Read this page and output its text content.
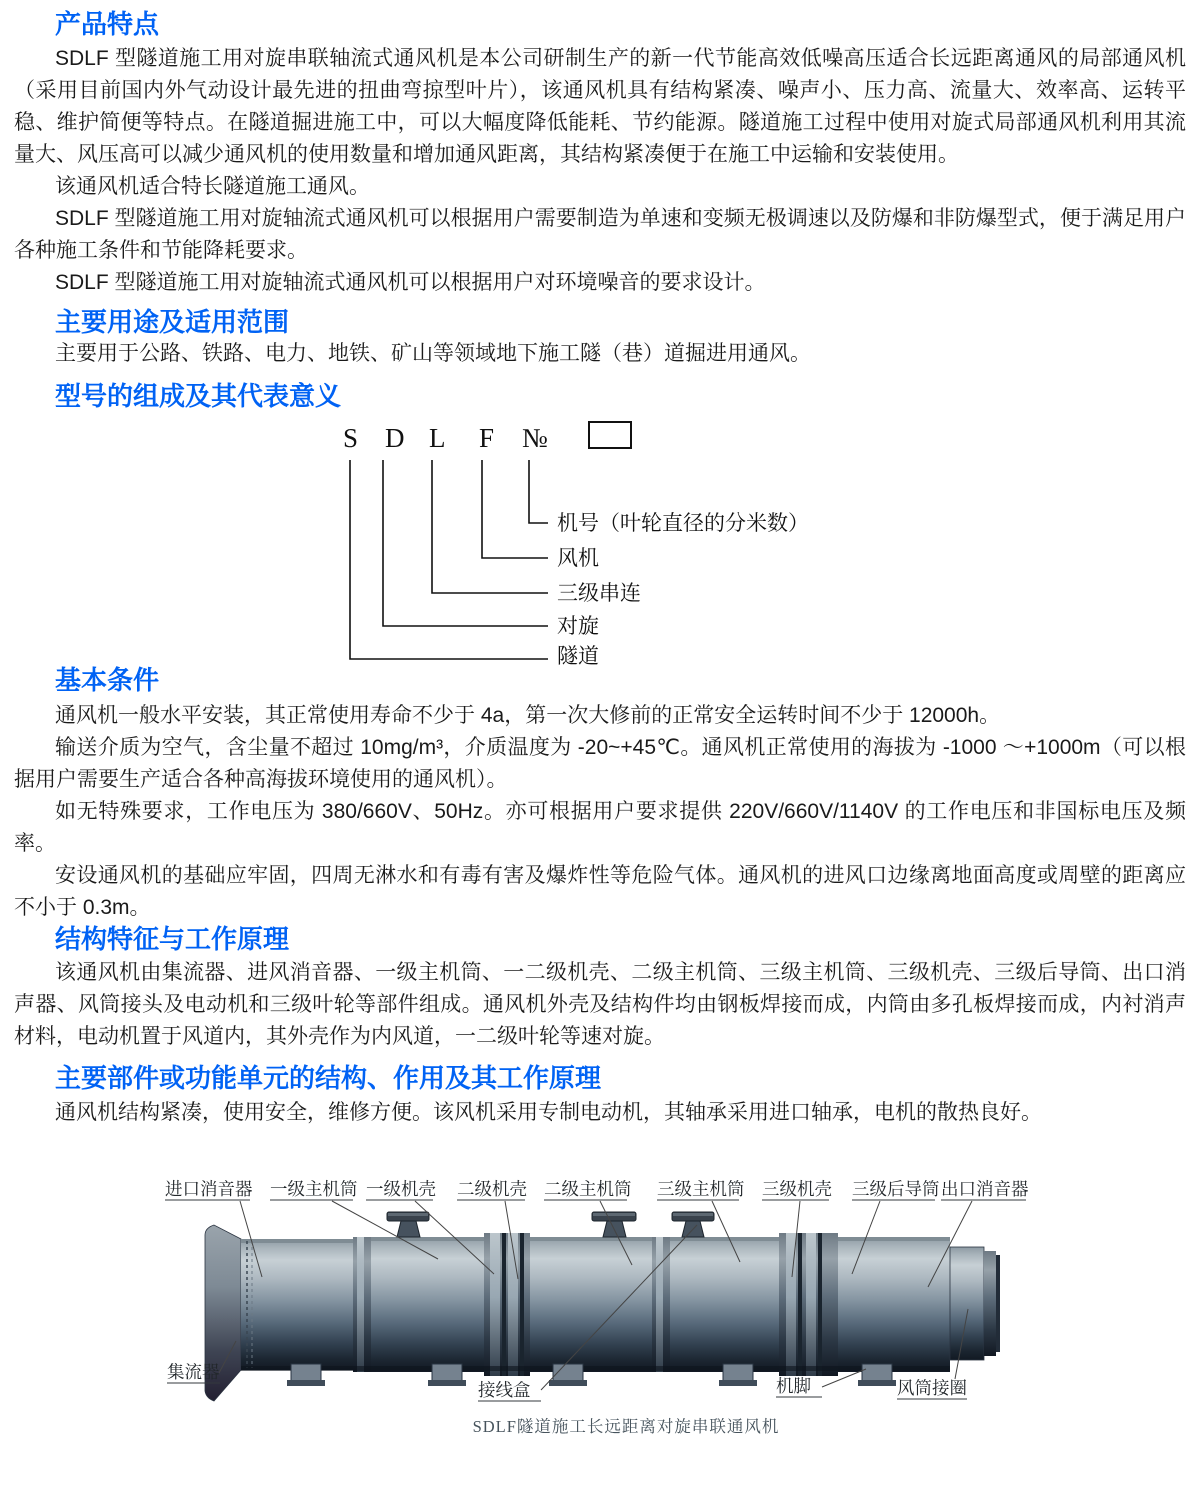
产品特点

SDLF 型隧道施工用对旋串联轴流式通风机是本公司研制生产的新一代节能高效低噪高压适合长远距离通风的局部通风机（采用目前国内外气动设计最先进的扭曲弯掠型叶片），该通风机具有结构紧凑、噪声小、压力高、流量大、效率高、运转平稳、维护简便等特点。在隧道掘进施工中，可以大幅度降低能耗、节约能源。隧道施工过程中使用对旋式局部通风机利用其流量大、风压高可以减少通风机的使用数量和增加通风距离，其结构紧凑便于在施工中运输和安装使用。

该通风机适合特长隧道施工通风。

SDLF 型隧道施工用对旋轴流式通风机可以根据用户需要制造为单速和变频无极调速以及防爆和非防爆型式，便于满足用户各种施工条件和节能降耗要求。

SDLF 型隧道施工用对旋轴流式通风机可以根据用户对环境噪音的要求设计。

主要用途及适用范围

主要用于公路、铁路、电力、地铁、矿山等领域地下施工隧（巷）道掘进用通风。

型号的组成及其代表意义
S D L F №
机号（叶轮直径的分米数）
风机
三级串连
对旋
隧道
基本条件

通风机一般水平安装，其正常使用寿命不少于 4a，第一次大修前的正常安全运转时间不少于 12000h。

输送介质为空气，含尘量不超过 10mg/m³，介质温度为 -20~+45℃。通风机正常使用的海拔为 -1000 ～+1000m（可以根据用户需要生产适合各种高海拔环境使用的通风机）。

如无特殊要求，工作电压为 380/660V、50Hz。亦可根据用户要求提供 220V/660V/1140V 的工作电压和非国标电压及频率。

安设通风机的基础应牢固，四周无淋水和有毒有害及爆炸性等危险气体。通风机的进风口边缘离地面高度或周壁的距离应不小于 0.3m。

结构特征与工作原理

该通风机由集流器、进风消音器、一级主机筒、一二级机壳、二级主机筒、三级主机筒、三级机壳、三级后导筒、出口消声器、风筒接头及电动机和三级叶轮等部件组成。通风机外壳及结构件均由钢板焊接而成，内筒由多孔板焊接而成，内衬消声材料，电动机置于风道内，其外壳作为内风道，一二级叶轮等速对旋。

主要部件或功能单元的结构、作用及其工作原理

通风机结构紧凑，使用安全，维修方便。该风机采用专制电动机，其轴承采用进口轴承，电机的散热良好。

进口消音器 一级主机筒 一级机壳 二级机壳 二级主机筒 三级主机筒 三级机壳 三级后导筒 出口消音器
集流器
接线盒	机脚	风筒接圈
SDLF隧道施工长远距离对旋串联通风机
